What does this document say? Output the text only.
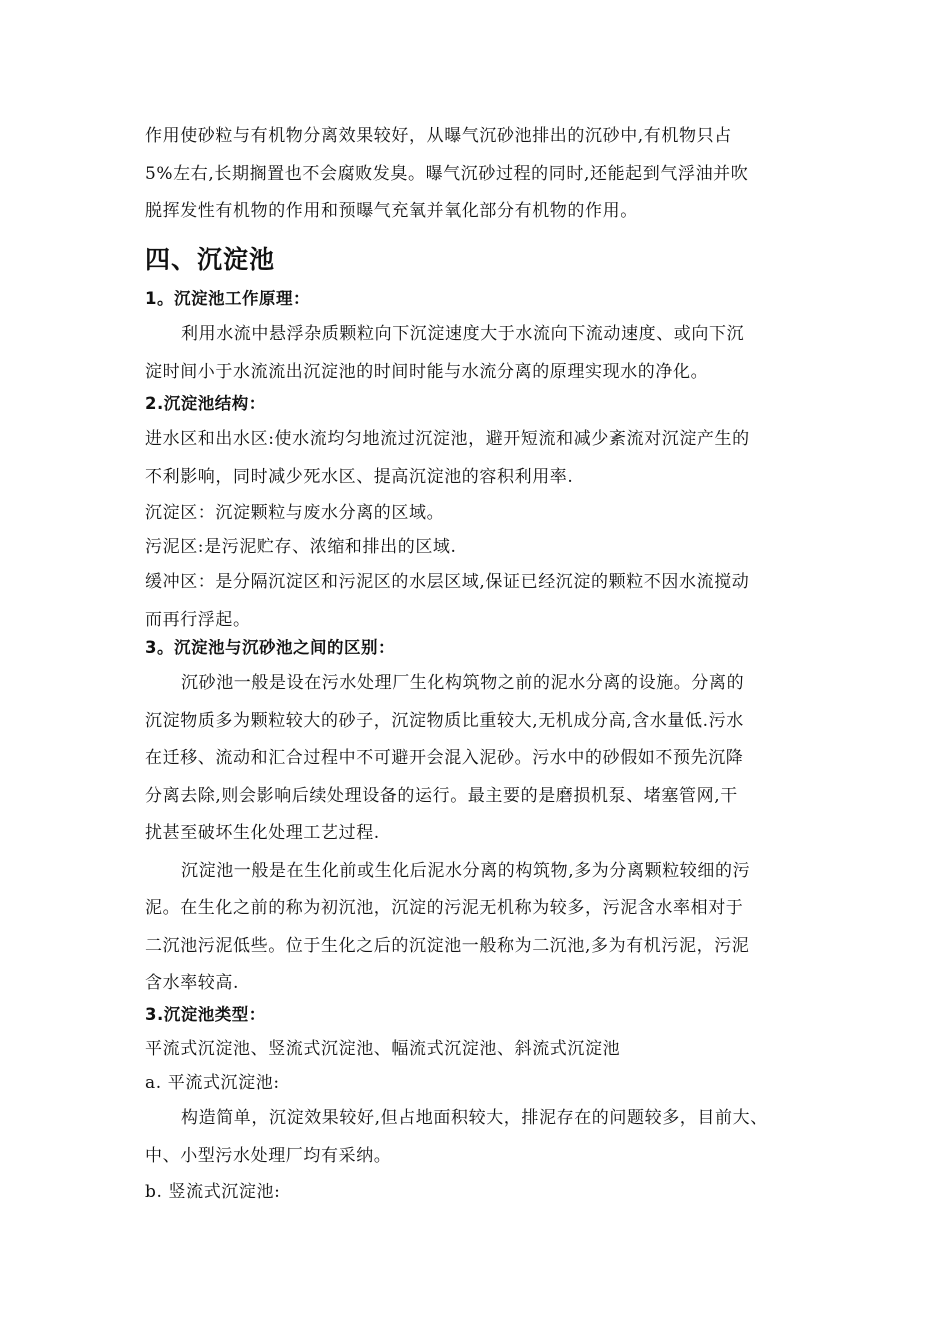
作用使砂粒与有机物分离效果较好，从曝气沉砂池排出的沉砂中,有机物只占

5%左右,长期搁置也不会腐败发臭。曝气沉砂过程的同时,还能起到气浮油并吹

脱挥发性有机物的作用和预曝气充氧并氧化部分有机物的作用。

四、沉淀池
1。沉淀池工作原理：

利用水流中悬浮杂质颗粒向下沉淀速度大于水流向下流动速度、或向下沉

淀时间小于水流流出沉淀池的时间时能与水流分离的原理实现水的净化。

2.沉淀池结构：

进水区和出水区:使水流均匀地流过沉淀池，避开短流和减少紊流对沉淀产生的

不利影响，同时减少死水区、提高沉淀池的容积利用率.

沉淀区：沉淀颗粒与废水分离的区域。

污泥区:是污泥贮存、浓缩和排出的区域.

缓冲区：是分隔沉淀区和污泥区的水层区域,保证已经沉淀的颗粒不因水流搅动

而再行浮起。

3。沉淀池与沉砂池之间的区别：

沉砂池一般是设在污水处理厂生化构筑物之前的泥水分离的设施。分离的

沉淀物质多为颗粒较大的砂子，沉淀物质比重较大,无机成分高,含水量低.污水

在迁移、流动和汇合过程中不可避开会混入泥砂。污水中的砂假如不预先沉降

分离去除,则会影响后续处理设备的运行。最主要的是磨损机泵、堵塞管网,干

扰甚至破坏生化处理工艺过程.

沉淀池一般是在生化前或生化后泥水分离的构筑物,多为分离颗粒较细的污

泥。在生化之前的称为初沉池，沉淀的污泥无机称为较多，污泥含水率相对于

二沉池污泥低些。位于生化之后的沉淀池一般称为二沉池,多为有机污泥，污泥

含水率较高.

3.沉淀池类型：

平流式沉淀池、竖流式沉淀池、幅流式沉淀池、斜流式沉淀池

a. 平流式沉淀池:

构造简单，沉淀效果较好,但占地面积较大，排泥存在的问题较多，目前大、

中、小型污水处理厂均有采纳。

b. 竖流式沉淀池:
